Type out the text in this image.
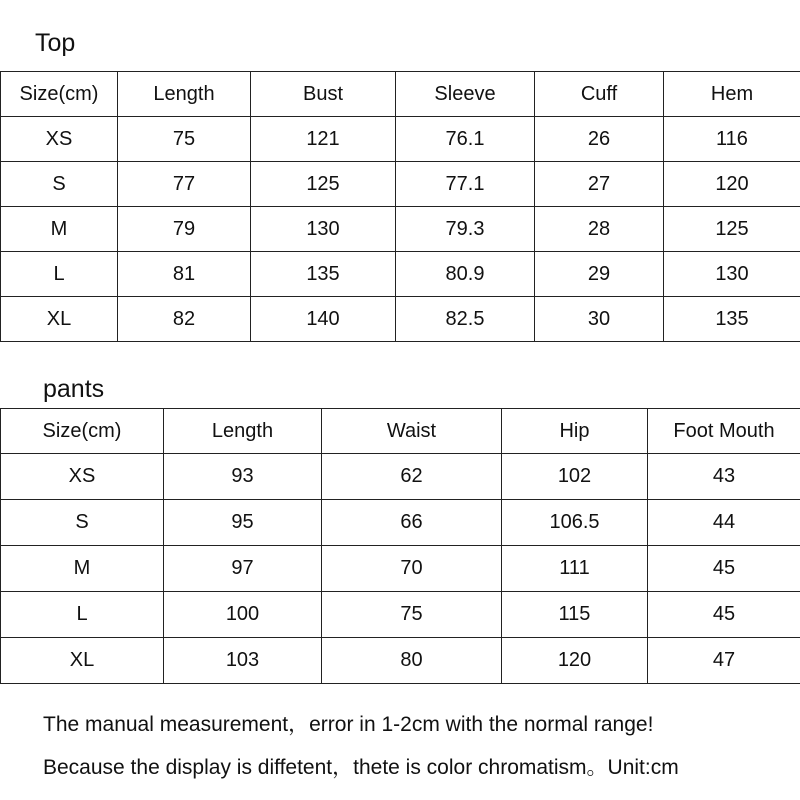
Top
Size(cm)	Length	Bust	Sleeve	Cuff	Hem
XS	75	121	76.1	26	116
S	77	125	77.1	27	120
M	79	130	79.3	28	125
L	81	135	80.9	29	130
XL	82	140	82.5	30	135
pants
Size(cm)	Length	Waist	Hip	Foot Mouth
XS	93	62	102	43
S	95	66	106.5	44
M	97	70	111	45
L	100	75	115	45
XL	103	80	120	47
The manual measurement，error in 1-2cm with the normal range!
Because the display is diffetent，thete is color chromatism。Unit:cm
